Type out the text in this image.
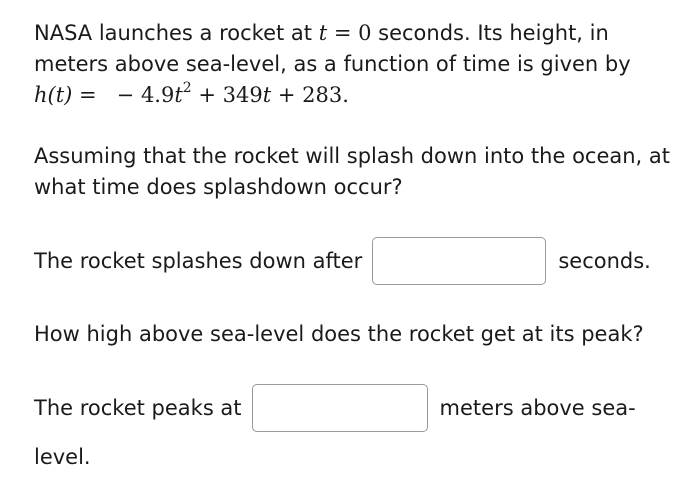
NASA launches a rocket at t = 0 seconds. Its height, in meters above sea-level, as a function of time is given by
h(t) =   − $4.9t^2 + 349t + 283$.

Assuming that the rocket will splash down into the ocean, at what time does splashdown occur?

The rocket splashes down after	seconds.

How high above sea-level does the rocket get at its peak?

The rocket peaks at	meters above sea-
level.
